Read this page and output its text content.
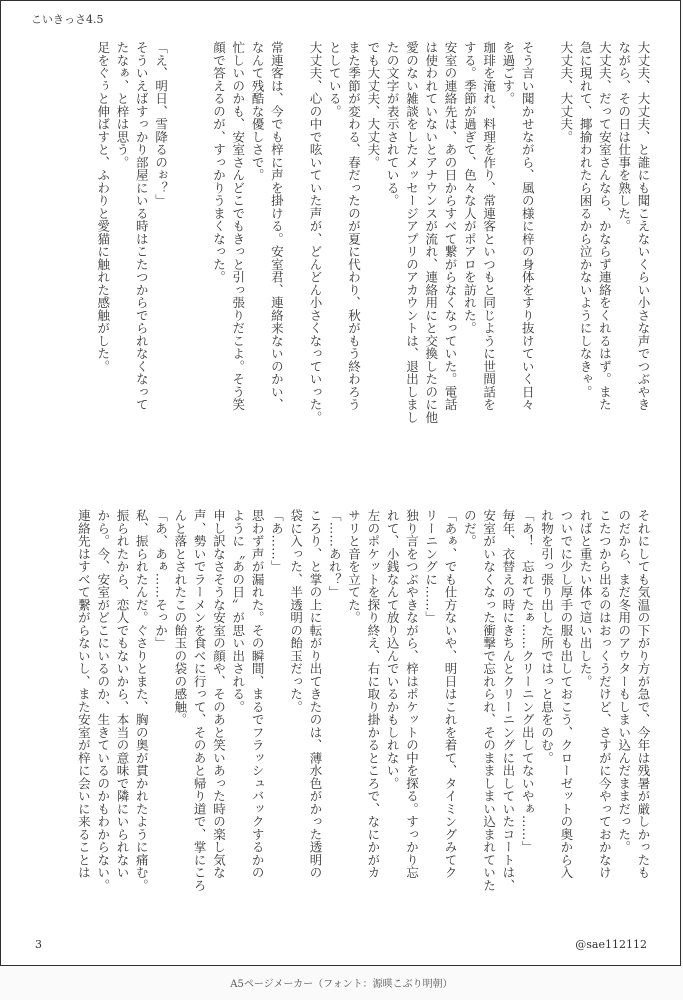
こいきっさ4.5

大丈夫、大丈夫、と誰にも聞こえないくらい小さな声でつぶやき

ながら、その日は仕事を熟した。

大丈夫、だって安室さんなら、かならず連絡をくれるはず。また

急に現れて、揶揄われたら困るから泣かないようにしなきゃ。

大丈夫、大丈夫。

そう言い聞かせながら、風の様に梓の身体をすり抜けていく日々

を過ごす。

珈琲を淹れ、料理を作り、常連客といつもと同じように世間話を

する。季節が過ぎて、色々な人がポアロを訪れた。

安室の連絡先は、あの日からすべて繋がらなくなっていた。電話

は使われていないとアナウンスが流れ、連絡用にと交換したのに他

愛のない雑談をしたメッセージアプリのアカウントは、退出しまし

たの文字が表示されている。

でも大丈夫、大丈夫。

また季節が変わる、春だったのが夏に代わり、秋がもう終わろう

としている。

大丈夫、心の中で呟いていた声が、どんどん小さくなっていった。

常連客は、今でも梓に声を掛ける。安室君、連絡来ないのかい、

なんて残酷な優しさで。

忙しいのかも、安室さんどこでもきっと引っ張りだこよ。そう笑

顔で答えるのが、すっかりうまくなった。

「え、明日、雪降るのぉ？」

そういえばすっかり部屋にいる時はこたつからでられなくなって

たなぁ、と梓は思う。

足をぐぅと伸ばすと、ふわりと愛猫に触れた感触がした。

それにしても気温の下がり方が急で、今年は残暑が厳しかったも

のだから、まだ冬用のアウターもしまい込んだままだった。

こたつから出るのはおっくうだけど、さすがに今やっておかなけ

ればと重たい体で這い出した。

ついでに少し厚手の服も出しておこう、クローゼットの奥から入

れ物を引っ張り出した所ではっと息をのむ。

「あ！　忘れてたぁ……クリーニング出してないやぁ……」

毎年、衣替えの時にきちんとクリーニングに出していたコートは、

安室がいなくなった衝撃で忘れられ、そのまましまい込まれていた

のだ。

「あぁ、でも仕方ないや、明日はこれを着て、タイミングみてク

リーニングに……」

独り言をつぶやきながら、梓はポケットの中を探る。すっかり忘

れて、小銭なんて放り込んでいるかもしれない。

左のポケットを探り終え、右に取り掛かるところで、なにかがカ

サリと音を立てた。

「……あれ？」

ころり、と掌の上に転がり出てきたのは、薄水色がかった透明の

袋に入った、半透明の飴玉だった。

「あ……」

思わず声が漏れた。その瞬間、まるでフラッシュバックするかの

ように〝あの日〟が思い出される。

申し訳なさそうな安室の顔や、そのあと笑いあった時の楽し気な

声、勢いでラーメンを食べに行って、そのあと帰り道で、掌にころ

んと落とされたこの飴玉の袋の感触。

「あ、あぁ……そっか」

私、振られたんだ。ぐさりとまた、胸の奥が貫かれたように痛む。

振られたから、恋人でもないから、本当の意味で隣にいられない

から。今、安室がどこにいるのか、生きているのかもわからない。

連絡先はすべて繋がらないし、また安室が梓に会いに来ることは

3	@sae112112
A5ページメーカー（フォント：源暎こぶり明朝）
